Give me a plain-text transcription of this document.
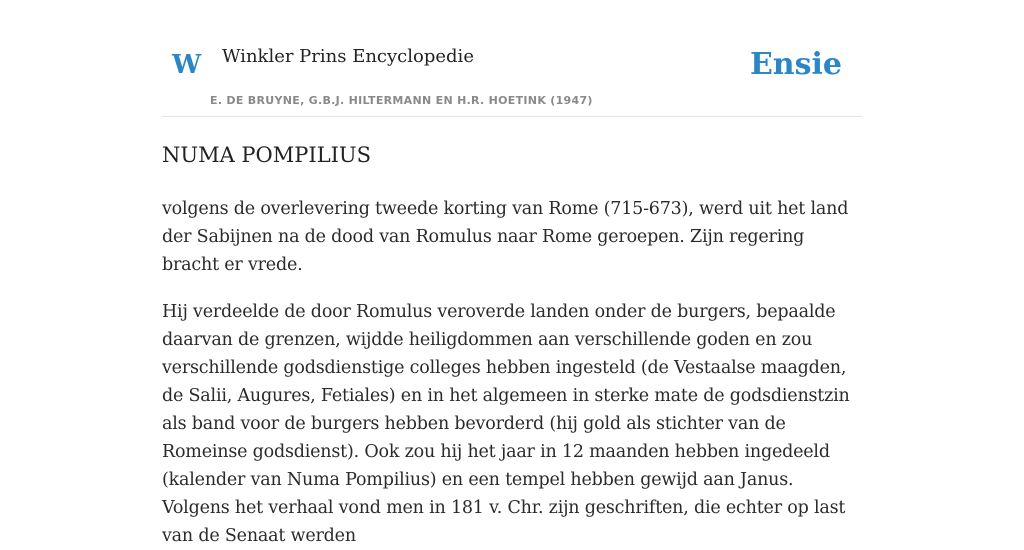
W Winkler Prins Encyclopedie
E. DE BRUYNE, G.B.J. HILTERMANN EN H.R. HOETINK (1947)
Ensie
NUMA POMPILIUS

volgens de overlevering tweede korting van Rome (715-673), werd uit het land der Sabijnen na de dood van Romulus naar Rome geroepen. Zijn regering bracht er vrede.

Hij verdeelde de door Romulus veroverde landen onder de burgers, bepaalde daarvan de grenzen, wijdde heiligdommen aan verschillende goden en zou verschillende godsdienstige colleges hebben ingesteld (de Vestaalse maagden, de Salii, Augures, Fetiales) en in het algemeen in sterke mate de godsdienstzin als band voor de burgers hebben bevorderd (hij gold als stichter van de Romeinse godsdienst). Ook zou hij het jaar in 12 maanden hebben ingedeeld (kalender van Numa Pompilius) en een tempel hebben gewijd aan Janus. Volgens het verhaal vond men in 181 v. Chr. zijn geschriften, die echter op last van de Senaat werden
